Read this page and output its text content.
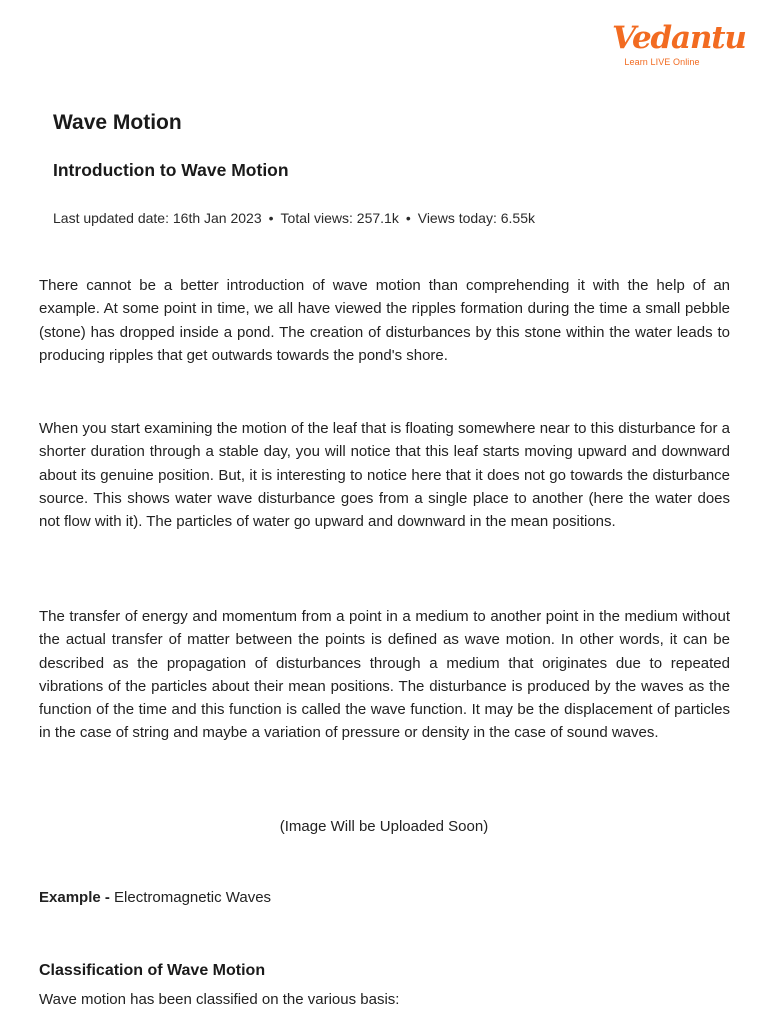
Vedantu
Learn LIVE Online
Wave Motion
Introduction to Wave Motion
Last updated date: 16th Jan 2023 • Total views: 257.1k • Views today: 6.55k

There cannot be a better introduction of wave motion than comprehending it with the help of an example. At some point in time, we all have viewed the ripples formation during the time a small pebble (stone) has dropped inside a pond. The creation of disturbances by this stone within the water leads to producing ripples that get outwards towards the pond's shore.

When you start examining the motion of the leaf that is floating somewhere near to this disturbance for a shorter duration through a stable day, you will notice that this leaf starts moving upward and downward about its genuine position. But, it is interesting to notice here that it does not go towards the disturbance source. This shows water wave disturbance goes from a single place to another (here the water does not flow with it). The particles of water go upward and downward in the mean positions.

The transfer of energy and momentum from a point in a medium to another point in the medium without the actual transfer of matter between the points is defined as wave motion. In other words, it can be described as the propagation of disturbances through a medium that originates due to repeated vibrations of the particles about their mean positions. The disturbance is produced by the waves as the function of the time and this function is called the wave function. It may be the displacement of particles in the case of string and maybe a variation of pressure or density in the case of sound waves.

(Image Will be Uploaded Soon)
Example - Electromagnetic Waves
Classification of Wave Motion

Wave motion has been classified on the various basis:
